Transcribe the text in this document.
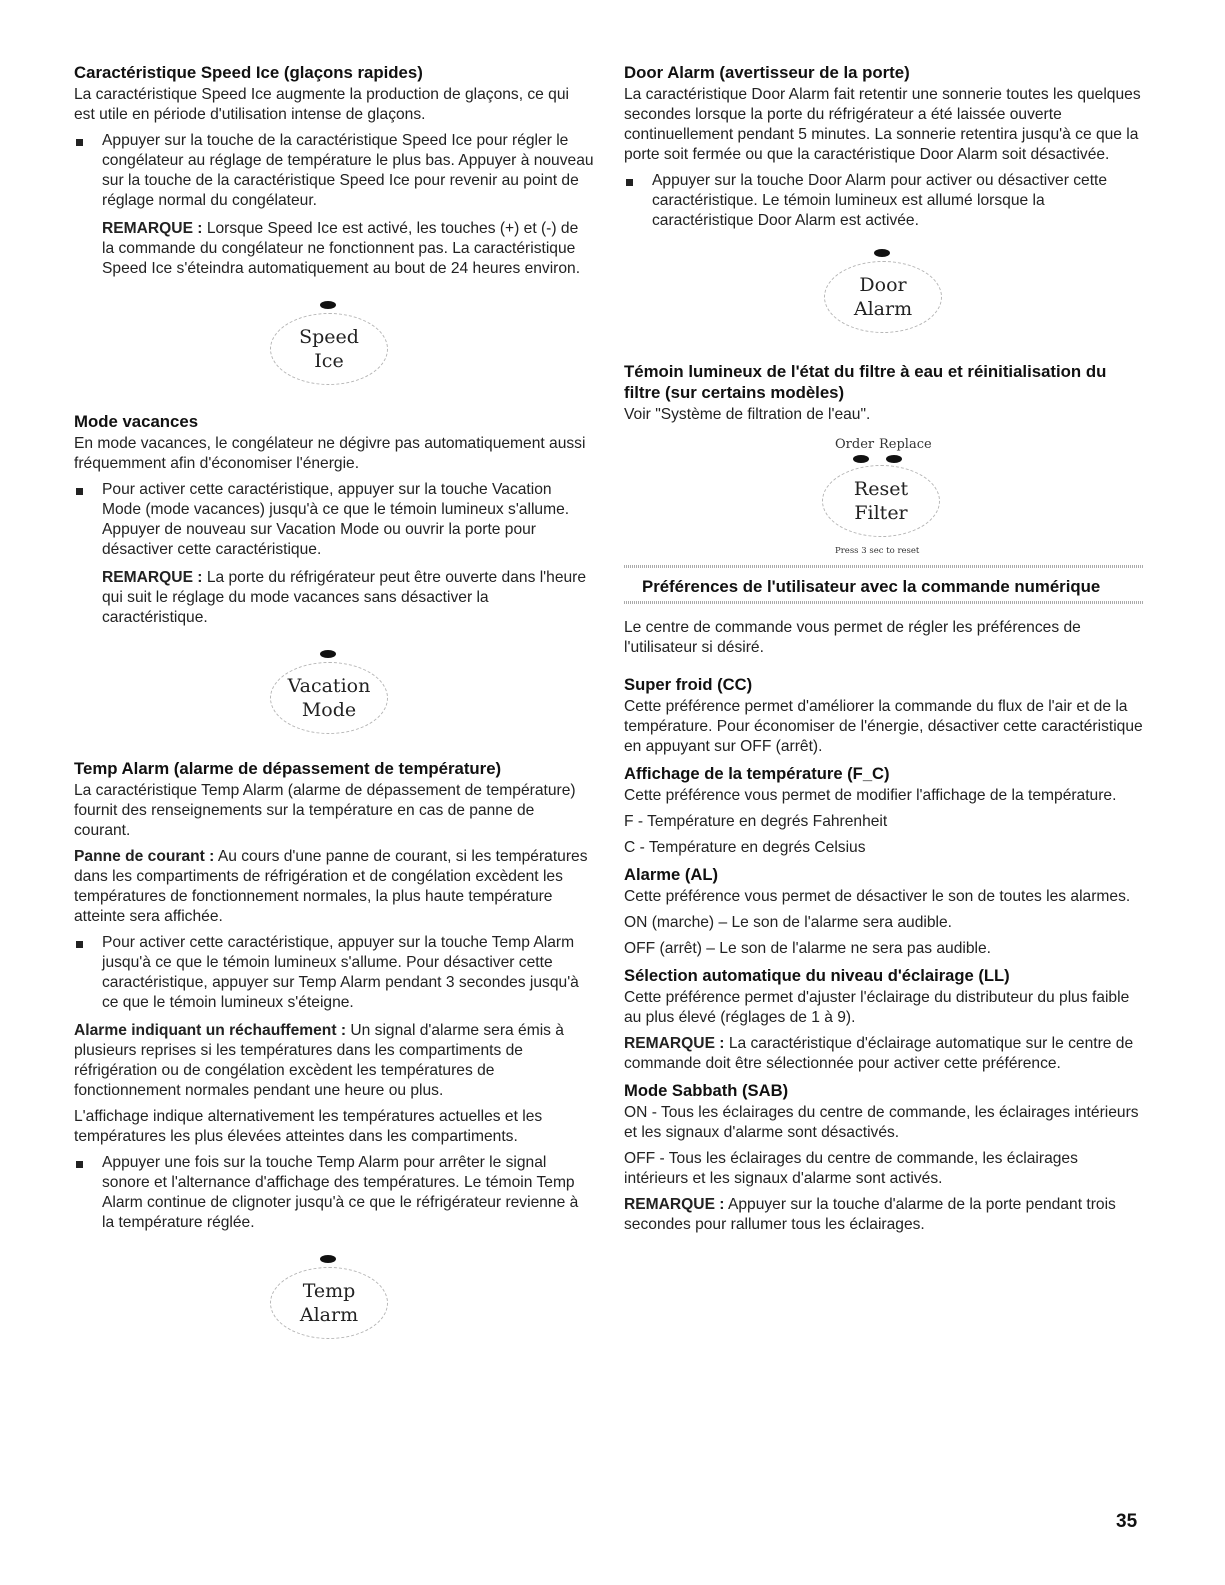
Caractéristique Speed Ice (glaçons rapides)

La caractéristique Speed Ice augmente la production de glaçons, ce qui est utile en période d'utilisation intense de glaçons.

Appuyer sur la touche de la caractéristique Speed Ice pour régler le congélateur au réglage de température le plus bas. Appuyer à nouveau sur la touche de la caractéristique Speed Ice pour revenir au point de réglage normal du congélateur.

REMARQUE : Lorsque Speed Ice est activé, les touches (+) et (-) de la commande du congélateur ne fonctionnent pas. La caractéristique Speed Ice s'éteindra automatiquement au bout de 24 heures environ.

Speed
Ice
Mode vacances

En mode vacances, le congélateur ne dégivre pas automatiquement aussi fréquemment afin d'économiser l'énergie.

Pour activer cette caractéristique, appuyer sur la touche Vacation Mode (mode vacances) jusqu'à ce que le témoin lumineux s'allume. Appuyer de nouveau sur Vacation Mode ou ouvrir la porte pour désactiver cette caractéristique.

REMARQUE : La porte du réfrigérateur peut être ouverte dans l'heure qui suit le réglage du mode vacances sans désactiver la caractéristique.

Vacation
Mode
Temp Alarm (alarme de dépassement de température)

La caractéristique Temp Alarm (alarme de dépassement de température) fournit des renseignements sur la température en cas de panne de courant.

Panne de courant : Au cours d'une panne de courant, si les températures dans les compartiments de réfrigération et de congélation excèdent les températures de fonctionnement normales, la plus haute température atteinte sera affichée.

Pour activer cette caractéristique, appuyer sur la touche Temp Alarm jusqu'à ce que le témoin lumineux s'allume. Pour désactiver cette caractéristique, appuyer sur Temp Alarm pendant 3 secondes jusqu'à ce que le témoin lumineux s'éteigne.

Alarme indiquant un réchauffement : Un signal d'alarme sera émis à plusieurs reprises si les températures dans les compartiments de réfrigération ou de congélation excèdent les températures de fonctionnement normales pendant une heure ou plus.

L'affichage indique alternativement les températures actuelles et les températures les plus élevées atteintes dans les compartiments.

Appuyer une fois sur la touche Temp Alarm pour arrêter le signal sonore et l'alternance d'affichage des températures. Le témoin Temp Alarm continue de clignoter jusqu'à ce que le réfrigérateur revienne à la température réglée.
Temp
Alarm
Door Alarm (avertisseur de la porte)

La caractéristique Door Alarm fait retentir une sonnerie toutes les quelques secondes lorsque la porte du réfrigérateur a été laissée ouverte continuellement pendant 5 minutes. La sonnerie retentira jusqu'à ce que la porte soit fermée ou que la caractéristique Door Alarm soit désactivée.

Appuyer sur la touche Door Alarm pour activer ou désactiver cette caractéristique. Le témoin lumineux est allumé lorsque la caractéristique Door Alarm est activée.
Door
Alarm
Témoin lumineux de l'état du filtre à eau et réinitialisation du filtre (sur certains modèles)

Voir "Système de filtration de l'eau".

Order Replace
Reset
Filter
Press 3 sec to reset
Préférences de l'utilisateur avec la commande numérique

Le centre de commande vous permet de régler les préférences de l'utilisateur si désiré.

Super froid (CC)

Cette préférence permet d'améliorer la commande du flux de l'air et de la température. Pour économiser de l'énergie, désactiver cette caractéristique en appuyant sur OFF (arrêt).

Affichage de la température (F_C)

Cette préférence vous permet de modifier l'affichage de la température.

F - Température en degrés Fahrenheit

C - Température en degrés Celsius

Alarme (AL)

Cette préférence vous permet de désactiver le son de toutes les alarmes.

ON (marche) – Le son de l'alarme sera audible.

OFF (arrêt) – Le son de l'alarme ne sera pas audible.

Sélection automatique du niveau d'éclairage (LL)

Cette préférence permet d'ajuster l'éclairage du distributeur du plus faible au plus élevé (réglages de 1 à 9).

REMARQUE : La caractéristique d'éclairage automatique sur le centre de commande doit être sélectionnée pour activer cette préférence.

Mode Sabbath (SAB)

ON - Tous les éclairages du centre de commande, les éclairages intérieurs et les signaux d'alarme sont désactivés.

OFF - Tous les éclairages du centre de commande, les éclairages intérieurs et les signaux d'alarme sont activés.

REMARQUE : Appuyer sur la touche d'alarme de la porte pendant trois secondes pour rallumer tous les éclairages.

35
